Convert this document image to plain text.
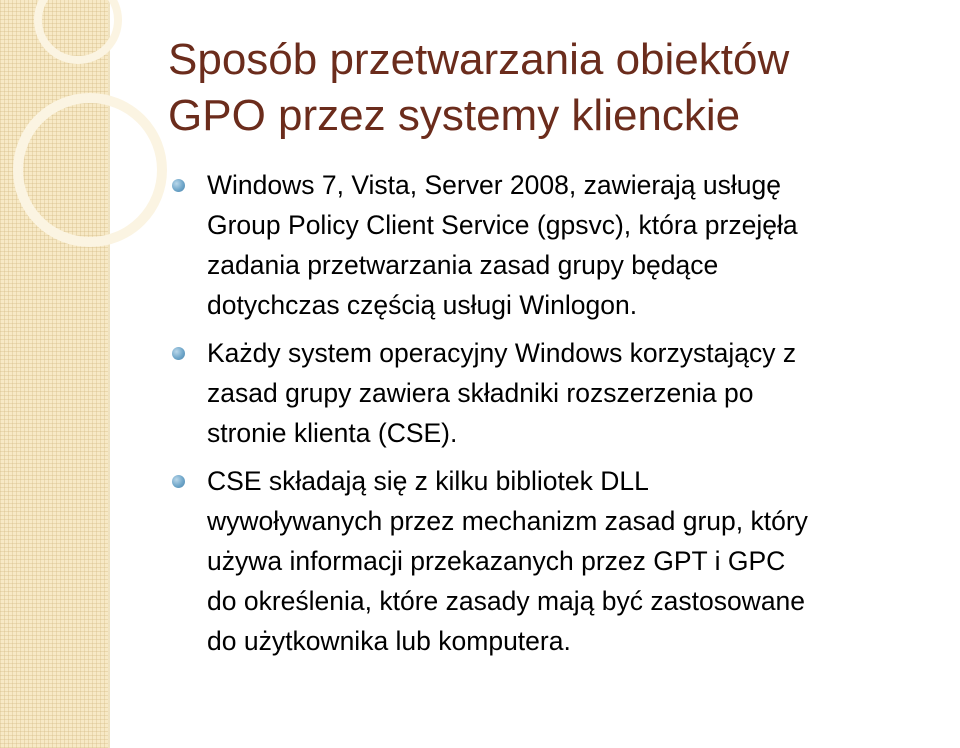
Sposób przetwarzania obiektów
GPO przez systemy klienckie
Windows 7, Vista, Server 2008, zawierają usługę
Group Policy Client Service (gpsvc), która przejęła
zadania przetwarzania zasad grupy będące
dotychczas częścią usługi Winlogon.
Każdy system operacyjny Windows korzystający z
zasad grupy zawiera składniki rozszerzenia po
stronie klienta (CSE).
CSE składają się z kilku bibliotek DLL
wywoływanych przez mechanizm zasad grup, który
używa informacji przekazanych przez GPT i GPC
do określenia, które zasady mają być zastosowane
do użytkownika lub komputera.
